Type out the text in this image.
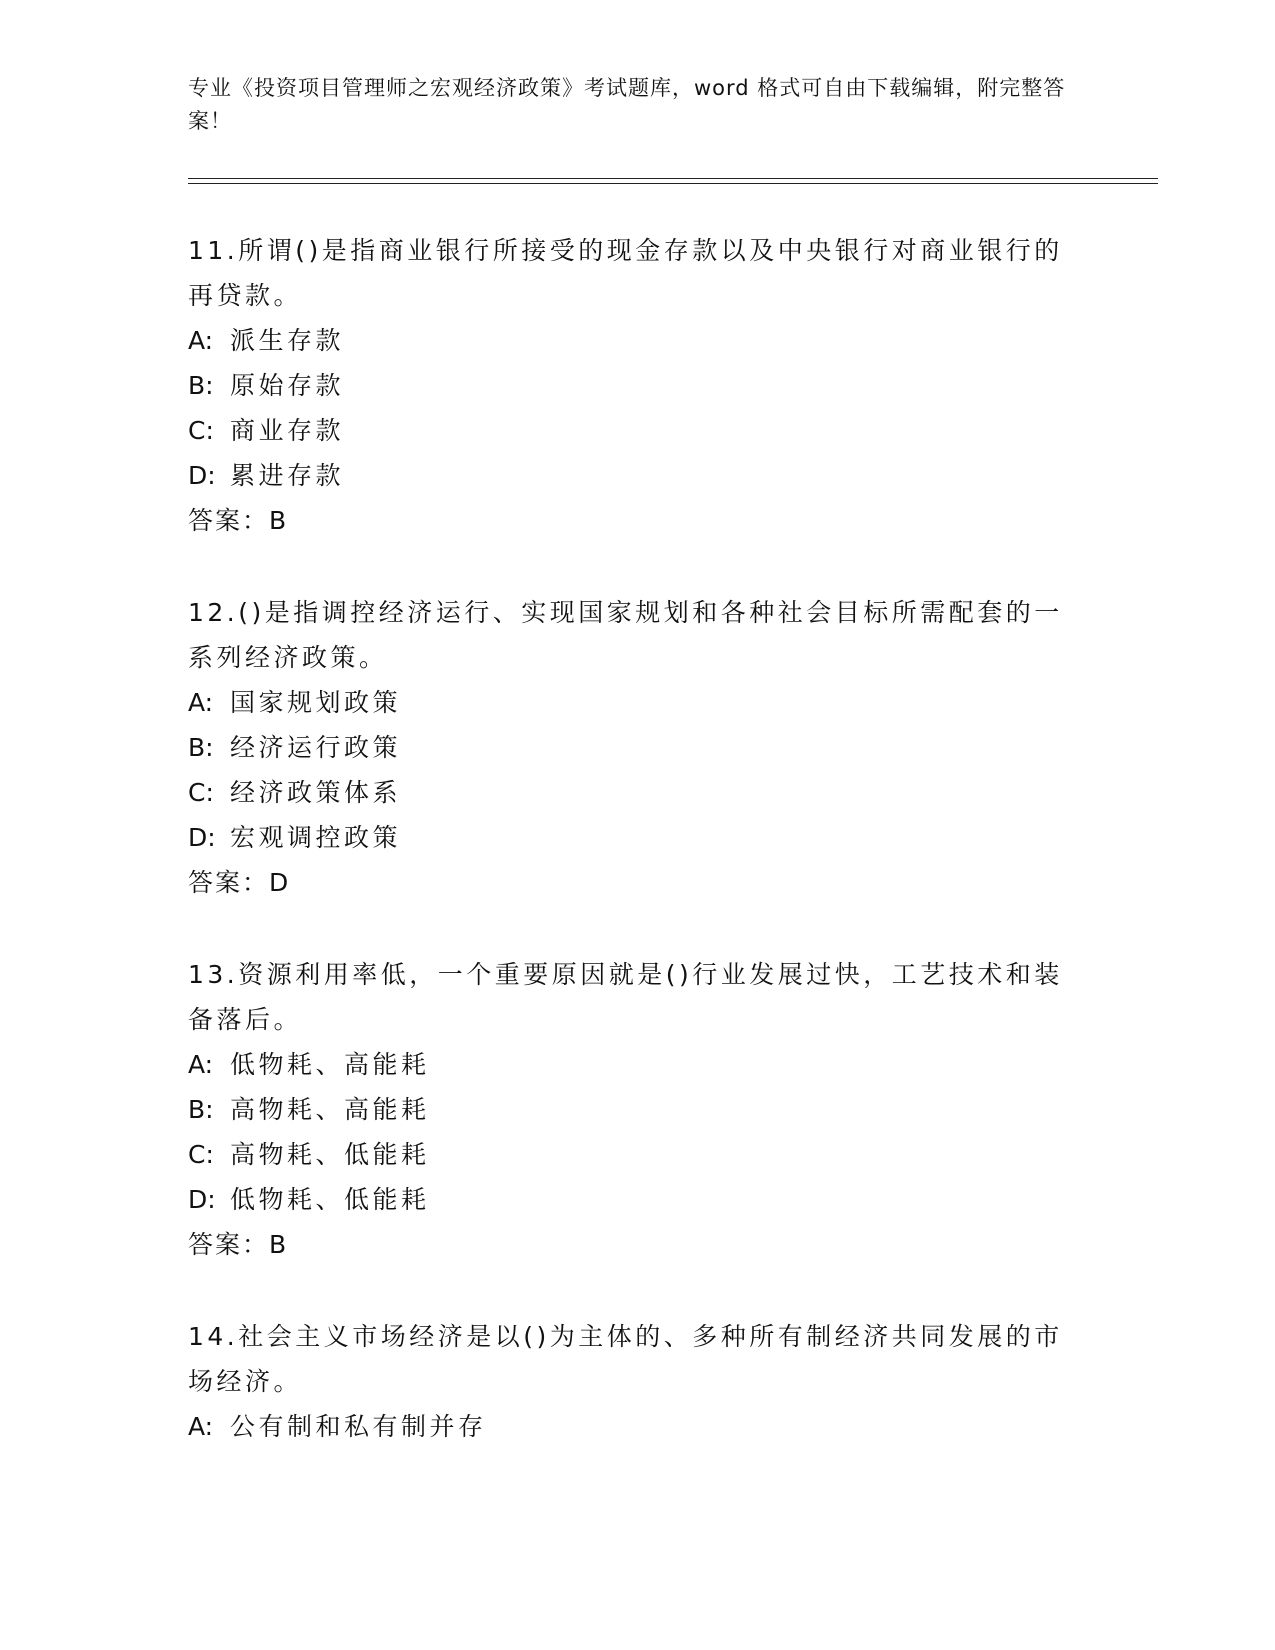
专业《投资项目管理师之宏观经济政策》考试题库，word 格式可自由下载编辑，附完整答案！

11.所谓()是指商业银行所接受的现金存款以及中央银行对商业银行的再贷款。

A: 派生存款

B: 原始存款

C: 商业存款

D: 累进存款

答案：B

12.()是指调控经济运行、实现国家规划和各种社会目标所需配套的一系列经济政策。

A: 国家规划政策

B: 经济运行政策

C: 经济政策体系

D: 宏观调控政策

答案：D

13.资源利用率低，一个重要原因就是()行业发展过快，工艺技术和装备落后。

A: 低物耗、高能耗

B: 高物耗、高能耗

C: 高物耗、低能耗

D: 低物耗、低能耗

答案：B

14.社会主义市场经济是以()为主体的、多种所有制经济共同发展的市场经济。

A: 公有制和私有制并存
